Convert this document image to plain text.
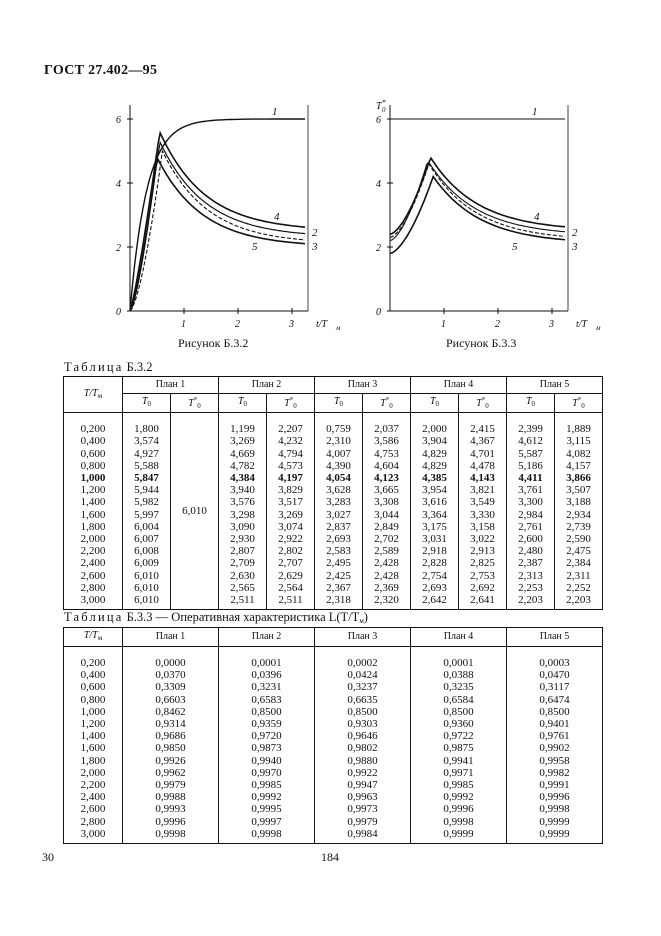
ГОСТ 27.402—95
0
2
4
6
1	2	3 t/T м
1
2
3
4
5
Рисунок Б.3.2
0
2
4
6
1	2	3 t/T м
T 0
*
1
2
3
4
5
Рисунок Б.3.3
Таблица Б.3.2
$T/T_м$	План 1		План 2		План 3		План 4		План 5	
	$T_0$	$T^*_0$	$T_0$	$T^*_0$	$T_0$	$T^*_0$	$T_0$	$T^*_0$	$T_0$	$T^*_0$
0,200	1,800	6,010	1,199	2,207	0,759	2,037	2,000	2,415	2,399	1,889
0,400	3,574		3,269	4,232	2,310	3,586	3,904	4,367	4,612	3,115
0,600	4,927		4,669	4,794	4,007	4,753	4,829	4,701	5,587	4,082
0,800	5,588		4,782	4,573	4,390	4,604	4,829	4,478	5,186	4,157
1,000	5,847		4,384	4,197	4,054	4,123	4,385	4,143	4,411	3,866
1,200	5,944		3,940	3,829	3,628	3,665	3,954	3,821	3,761	3,507
1,400	5,982		3,576	3,517	3,283	3,308	3,616	3,549	3,300	3,188
1,600	5,997		3,298	3,269	3,027	3,044	3,364	3,330	2,984	2,934
1,800	6,004		3,090	3,074	2,837	2,849	3,175	3,158	2,761	2,739
2,000	6,007		2,930	2,922	2,693	2,702	3,031	3,022	2,600	2,590
2,200	6,008		2,807	2,802	2,583	2,589	2,918	2,913	2,480	2,475
2,400	6,009		2,709	2,707	2,495	2,428	2,828	2,825	2,387	2,384
2,600	6,010		2,630	2,629	2,425	2,428	2,754	2,753	2,313	2,311
2,800	6,010		2,565	2,564	2,367	2,369	2,693	2,692	2,253	2,252
3,000	6,010		2,511	2,511	2,318	2,320	2,642	2,641	2,203	2,203
Таблица Б.3.3 — Оперативная характеристика $L(T/T_м)$
$T/T_м$	План 1	План 2	План 3	План 4	План 5
0,200	0,0000	0,0001	0,0002	0,0001	0,0003
0,400	0,0370	0,0396	0,0424	0,0388	0,0470
0,600	0,3309	0,3231	0,3237	0,3235	0,3117
0,800	0,6603	0,6583	0,6635	0,6584	0,6474
1,000	0,8462	0,8500	0,8500	0,8500	0,8500
1,200	0,9314	0,9359	0,9303	0,9360	0,9401
1,400	0,9686	0,9720	0,9646	0,9722	0,9761
1,600	0,9850	0,9873	0,9802	0,9875	0,9902
1,800	0,9926	0,9940	0,9880	0,9941	0,9958
2,000	0,9962	0,9970	0,9922	0,9971	0,9982
2,200	0,9979	0,9985	0,9947	0,9985	0,9991
2,400	0,9988	0,9992	0,9963	0,9992	0,9996
2,600	0,9993	0,9995	0,9973	0,9996	0,9998
2,800	0,9996	0,9997	0,9979	0,9998	0,9999
3,000	0,9998	0,9998	0,9984	0,9999	0,9999
30	184
